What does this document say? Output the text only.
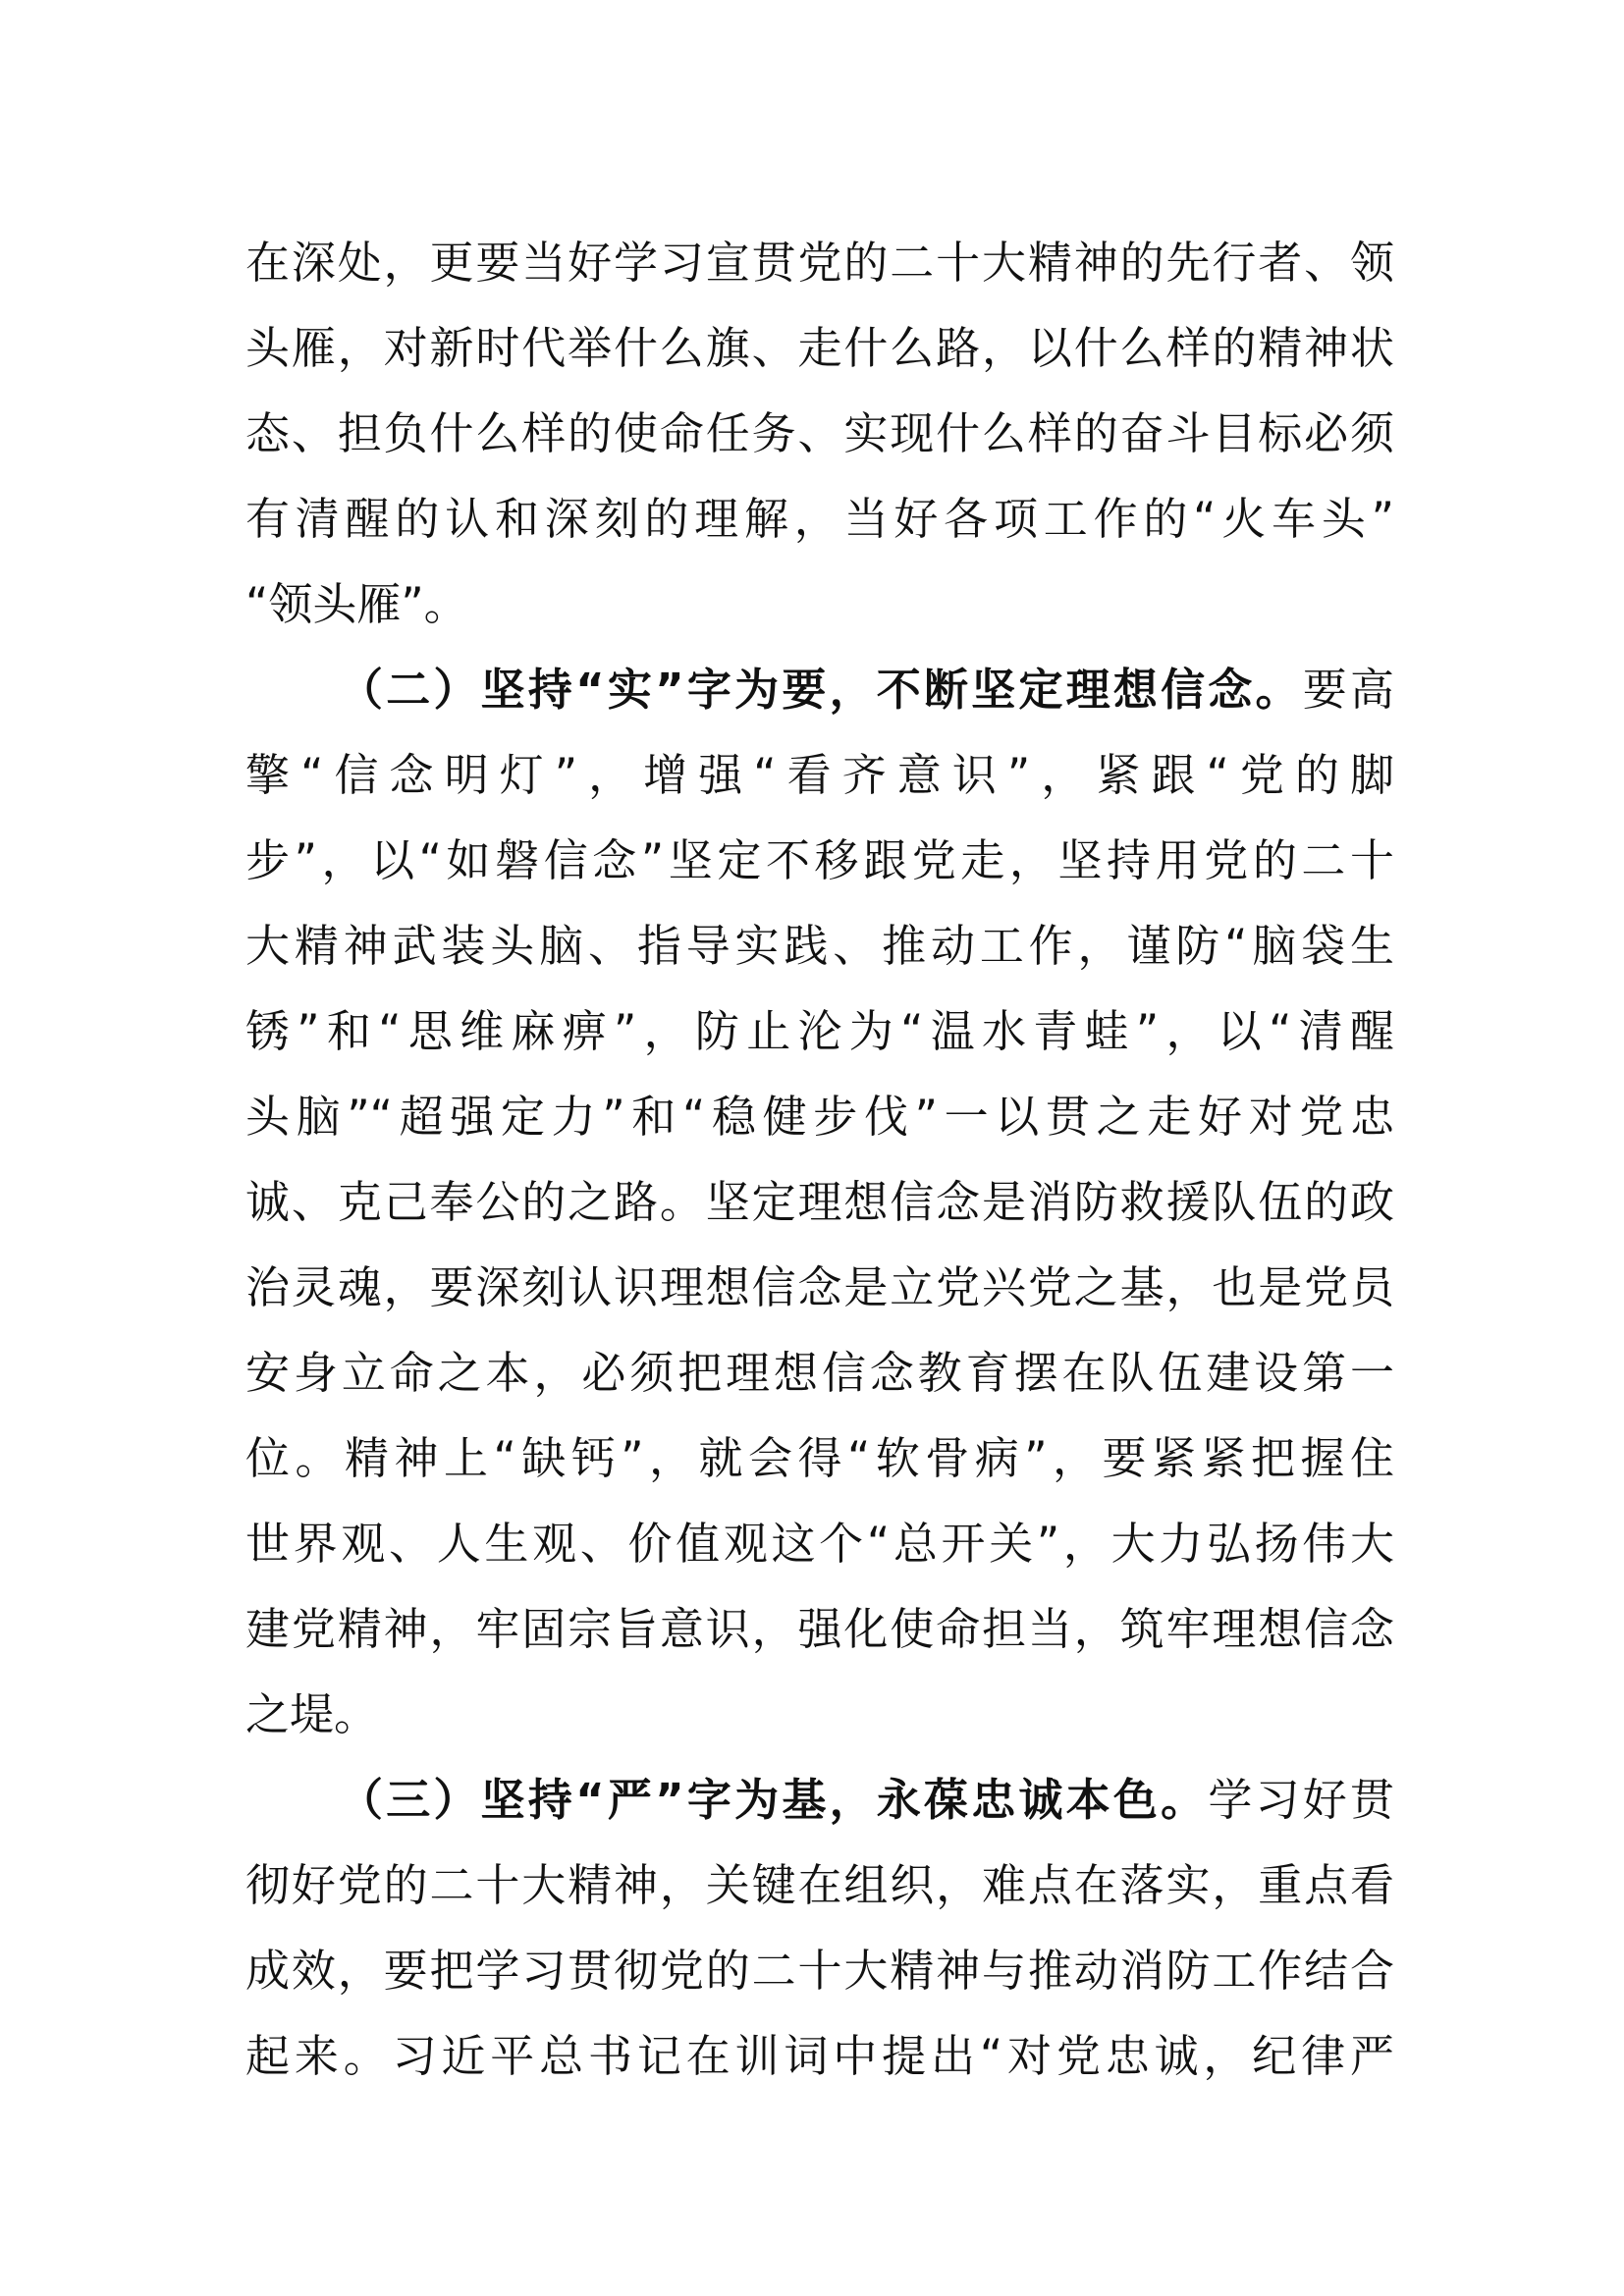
在深处，更要当好学习宣贯党的二十大精神的先行者、领
头雁，对新时代举什么旗、走什么路，以什么样的精神状
态、担负什么样的使命任务、实现什么样的奋斗目标必须
有清醒的认和深刻的理解，当好各项工作的“火车头”
“领头雁”。
（二）坚持“实”字为要，不断坚定理想信念。要高
擎“信念明灯”，增强“看齐意识”，紧跟“党的脚
步”，以“如磐信念”坚定不移跟党走，坚持用党的二十
大精神武装头脑、指导实践、推动工作，谨防“脑袋生
锈”和“思维麻痹”，防止沦为“温水青蛙”，以“清醒
头脑”“超强定力”和“稳健步伐”一以贯之走好对党忠
诚、克己奉公的之路。坚定理想信念是消防救援队伍的政
治灵魂，要深刻认识理想信念是立党兴党之基，也是党员
安身立命之本，必须把理想信念教育摆在队伍建设第一
位。精神上“缺钙”，就会得“软骨病”，要紧紧把握住
世界观、人生观、价值观这个“总开关”，大力弘扬伟大
建党精神，牢固宗旨意识，强化使命担当，筑牢理想信念
之堤。
（三）坚持“严”字为基，永葆忠诚本色。学习好贯
彻好党的二十大精神，关键在组织，难点在落实，重点看
成效，要把学习贯彻党的二十大精神与推动消防工作结合
起来。习近平总书记在训词中提出“对党忠诚，纪律严
